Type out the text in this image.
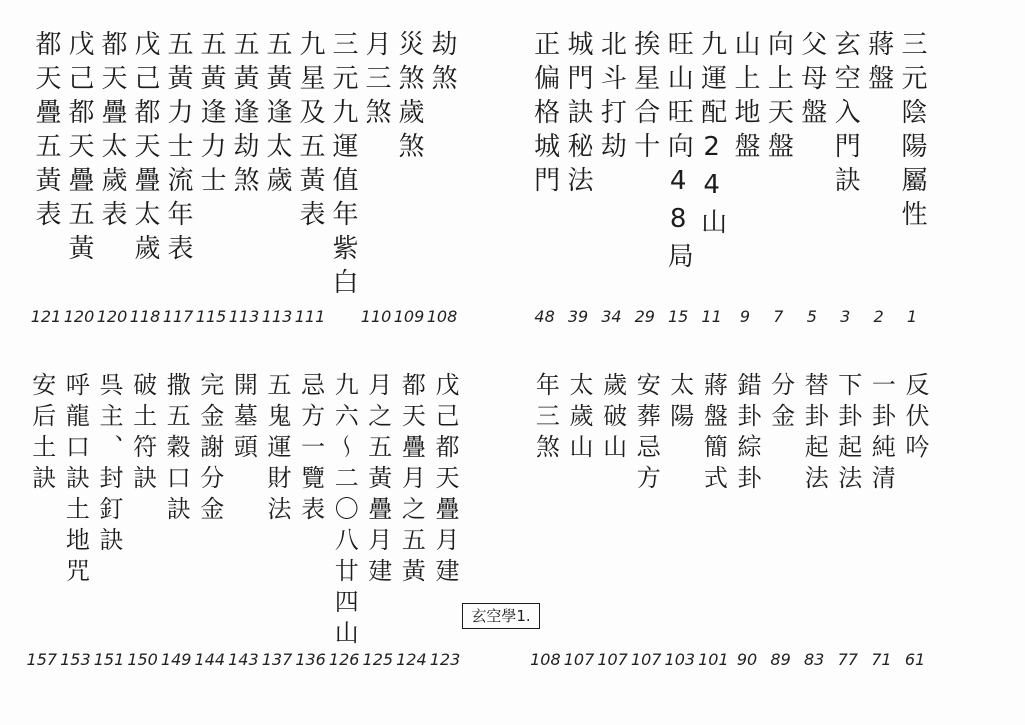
三元陰陽屬性
1
蔣盤
2
玄空入門訣
3
父母盤
5
向上天盤
7
山上地盤
9
九運配24山
11
旺山旺向48局
15
挨星合十
29
北斗打劫
34
城門訣秘法
39
正偏格城門
48
劫煞
108
災煞歲煞
109
月三煞
110
三元九運值年紫白
九星及五黃表
111
五黃逢太歲
113
五黃逢劫煞
113
五黃逢力士
115
五黃力士流年表
117
戊己都天疊太歲
118
都天疊太歲表
120
戊己都天疊五黃
120
都天疊五黃表
121
反伏吟
61
一卦純清
71
下卦起法
77
替卦起法
83
分金
89
錯卦綜卦
90
蔣盤簡式
101
太陽
103
安葬忌方
107
歲破山
107
太歲山
107
年三煞
108
戊己都天疊月建
123
都天疊月之五黃
124
月之五黃疊月建
125
九六～二〇八廿四山
126
忌方一覽表
136
五鬼運財法
137
開墓頭
143
完金謝分金
144
撒五穀口訣
149
破土符訣
150
呉主、封釘訣
151
呼龍口訣土地咒
153
安后土訣
157
玄空學1.
